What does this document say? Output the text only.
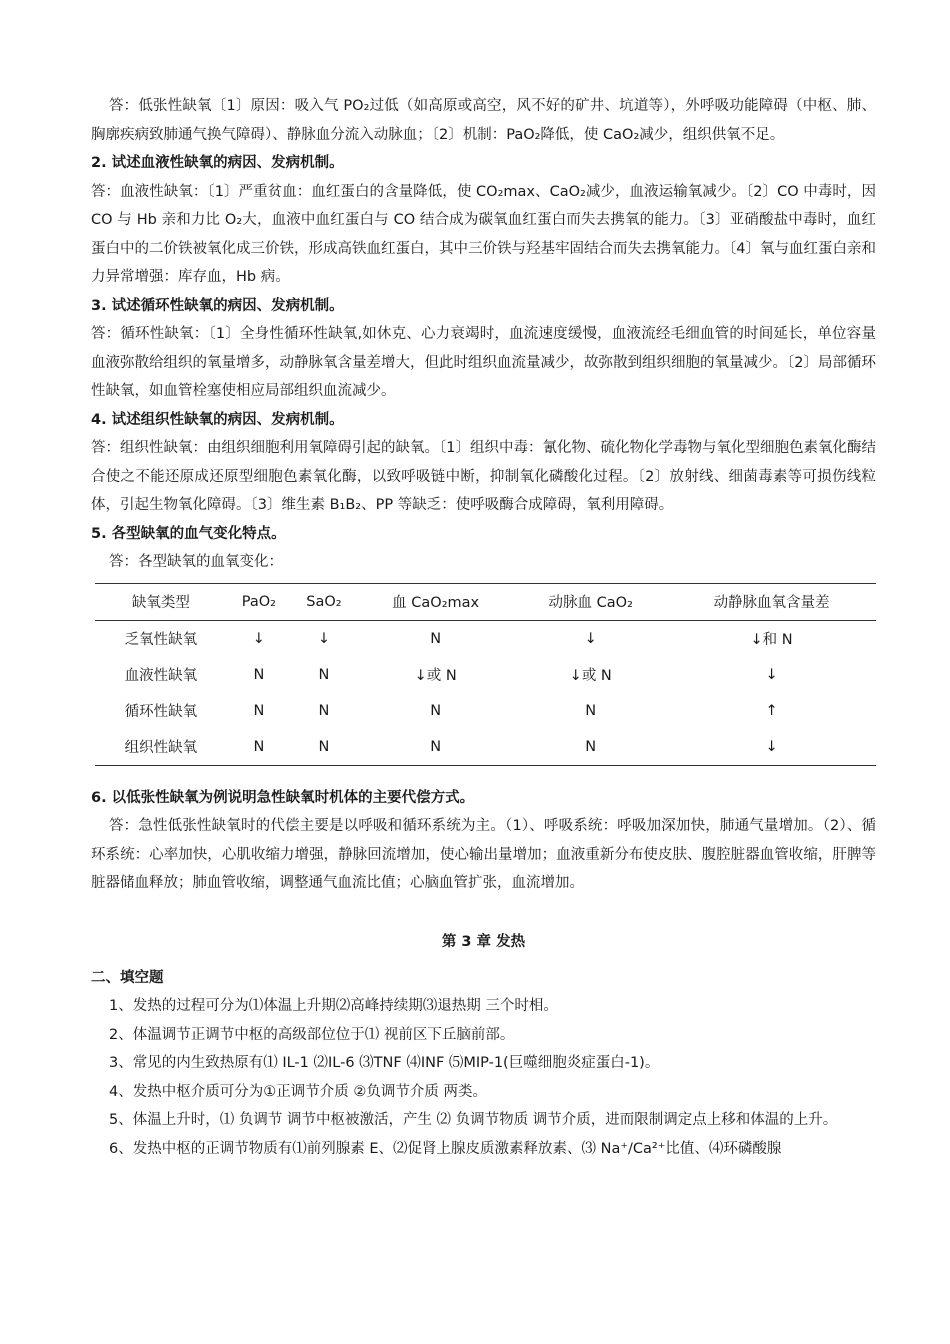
答：低张性缺氧〔1〕原因：吸入气 PO₂过低（如高原或高空，风不好的矿井、坑道等），外呼吸功能障碍（中枢、肺、胸廓疾病致肺通气换气障碍）、静脉血分流入动脉血；〔2〕机制：PaO₂降低，使 CaO₂减少，组织供氧不足。

2. 试述血液性缺氧的病因、发病机制。

答：血液性缺氧：〔1〕严重贫血：血红蛋白的含量降低，使 CO₂max、CaO₂减少，血液运输氧减少。〔2〕CO 中毒时，因 CO 与 Hb 亲和力比 O₂大，血液中血红蛋白与 CO 结合成为碳氧血红蛋白而失去携氧的能力。〔3〕亚硝酸盐中毒时，血红蛋白中的二价铁被氧化成三价铁，形成高铁血红蛋白，其中三价铁与羟基牢固结合而失去携氧能力。〔4〕氧与血红蛋白亲和力异常增强：库存血，Hb 病。

3. 试述循环性缺氧的病因、发病机制。

答：循环性缺氧：〔1〕全身性循环性缺氧,如休克、心力衰竭时，血流速度缓慢，血液流经毛细血管的时间延长，单位容量血液弥散给组织的氧量增多，动静脉氧含量差增大，但此时组织血流量减少，故弥散到组织细胞的氧量减少。〔2〕局部循环性缺氧，如血管栓塞使相应局部组织血流减少。

4. 试述组织性缺氧的病因、发病机制。

答：组织性缺氧：由组织细胞利用氧障碍引起的缺氧。〔1〕组织中毒：氰化物、硫化物化学毒物与氧化型细胞色素氧化酶结合使之不能还原成还原型细胞色素氧化酶，以致呼吸链中断，抑制氧化磷酸化过程。〔2〕放射线、细菌毒素等可损伤线粒体，引起生物氧化障碍。〔3〕维生素 B₁B₂、PP 等缺乏：使呼吸酶合成障碍，氧利用障碍。

5. 各型缺氧的血气变化特点。

答：各型缺氧的血氧变化：

缺氧类型	PaO₂	SaO₂	血 CaO₂max	动脉血 CaO₂	动静脉血氧含量差
乏氧性缺氧	↓	↓	N	↓	↓和 N
血液性缺氧	N	N	↓或 N	↓或 N	↓
循环性缺氧	N	N	N	N	↑
组织性缺氧	N	N	N	N	↓

6. 以低张性缺氧为例说明急性缺氧时机体的主要代偿方式。

答：急性低张性缺氧时的代偿主要是以呼吸和循环系统为主。（1）、呼吸系统：呼吸加深加快，肺通气量增加。（2）、循环系统：心率加快，心肌收缩力增强，静脉回流增加，使心输出量增加；血液重新分布使皮肤、腹腔脏器血管收缩，肝脾等脏器储血释放；肺血管收缩，调整通气血流比值；心脑血管扩张，血流增加。

第 3 章 发热

二、填空题

1、发热的过程可分为⑴体温上升期⑵高峰持续期⑶退热期 三个时相。
2、体温调节正调节中枢的高级部位位于⑴ 视前区下丘脑前部。
3、常见的内生致热原有⑴ IL-1 ⑵IL-6 ⑶TNF ⑷INF ⑸MIP-1(巨噬细胞炎症蛋白-1)。
4、发热中枢介质可分为①正调节介质 ②负调节介质 两类。
5、体温上升时，⑴ 负调节 调节中枢被激活，产生 ⑵ 负调节物质 调节介质，进而限制调定点上移和体温的上升。
6、发热中枢的正调节物质有⑴前列腺素 E、⑵促肾上腺皮质激素释放素、⑶ Na⁺/Ca²⁺比值、⑷环磷酸腺
